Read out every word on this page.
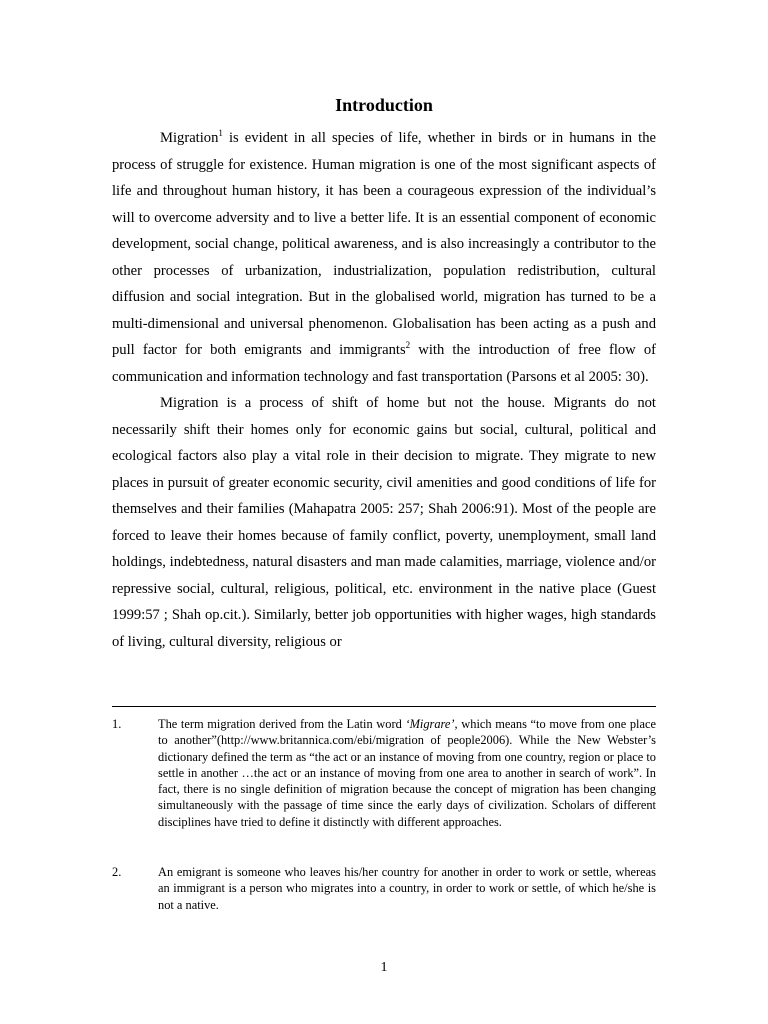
Introduction

Migration$^1$ is evident in all species of life, whether in birds or in humans in the process of struggle for existence. Human migration is one of the most significant aspects of life and throughout human history, it has been a courageous expression of the individual’s will to overcome adversity and to live a better life. It is an essential component of economic development, social change, political awareness, and is also increasingly a contributor to the other processes of urbanization, industrialization, population redistribution, cultural diffusion and social integration. But in the globalised world, migration has turned to be a multi-dimensional and universal phenomenon. Globalisation has been acting as a push and pull factor for both emigrants and immigrants$^2$ with the introduction of free flow of communication and information technology and fast transportation (Parsons et al 2005: 30).

Migration is a process of shift of home but not the house. Migrants do not necessarily shift their homes only for economic gains but social, cultural, political and ecological factors also play a vital role in their decision to migrate. They migrate to new places in pursuit of greater economic security, civil amenities and good conditions of life for themselves and their families (Mahapatra 2005: 257; Shah 2006:91). Most of the people are forced to leave their homes because of family conflict, poverty, unemployment, small land holdings, indebtedness, natural disasters and man made calamities, marriage, violence and/or repressive social, cultural, religious, political, etc. environment in the native place (Guest 1999:57 ; Shah op.cit.). Similarly, better job opportunities with higher wages, high standards of living, cultural diversity, religious or

1.	The term migration derived from the Latin word ‘Migrare’, which means “to move from one place to another”(http://www.britannica.com/ebi/migration of people2006). While the New Webster’s dictionary defined the term as “the act or an instance of moving from one country, region or place to settle in another …the act or an instance of moving from one area to another in search of work”. In fact, there is no single definition of migration because the concept of migration has been changing simultaneously with the passage of time since the early days of civilization. Scholars of different disciplines have tried to define it distinctly with different approaches.
2.	An emigrant is someone who leaves his/her country for another in order to work or settle, whereas an immigrant is a person who migrates into a country, in order to work or settle, of which he/she is not a native.
1
